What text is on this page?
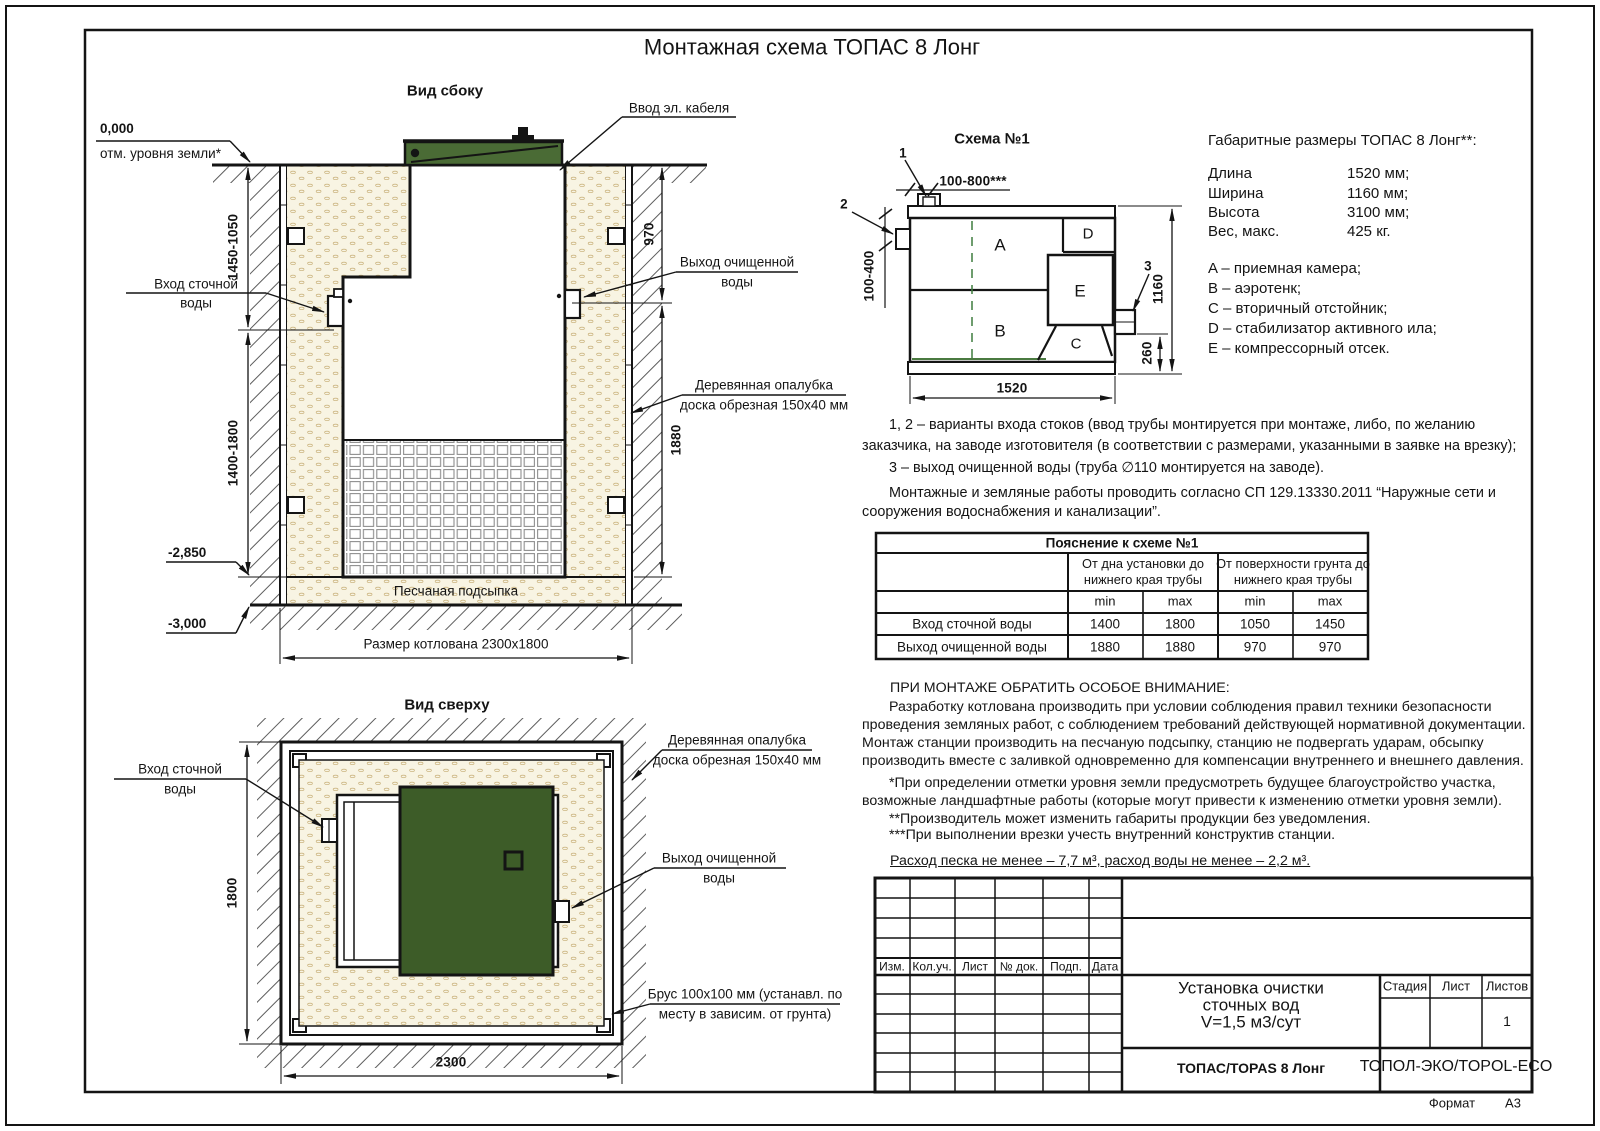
Монтажная схема ТОПАС 8 Лонг
Вид сбоку
Ввод эл. кабеля
0,000
отм. уровня земли*
Вход сточной
воды
Выход очищенной
воды
Деревянная опалубка
доска обрезная 150х40 мм
Песчаная подсыпка
Размер котлована 2300х1800
1450-1050
1400-1800
970
1880
-2,850
-3,000
Схема №1
1
2
3
100-800***
100-400	1160
260
1520
A
B
C
D
E
Габаритные размеры ТОПАС 8 Лонг**:
Длина	1520 мм;
Ширина	1160 мм;
Высота	3100 мм;
Вес, макс.	425 кг.
A – приемная камера;
B – аэротенк;
C – вторичный отстойник;
D – стабилизатор активного ила;
E – компрессорный отсек.
1, 2 – варианты входа стоков (ввод трубы монтируется при монтаже, либо, по желанию заказчика, на заводе изготовителя (в соответствии с размерами, указанными в заявке на врезку);
3 – выход очищенной воды (труба ∅110 монтируется на заводе).
Монтажные и земляные работы проводить согласно СП 129.13330.2011 “Наружные сети и сооружения водоснабжения и канализации”.
Пояснение к схеме №1
От дна установки до нижнего края трубы
От поверхности грунта до нижнего края трубы
min	max	min	max
Вход сточной воды	1400	1800	1050	1450
Выход очищенной воды	1880	1880	970	970
ПРИ МОНТАЖЕ ОБРАТИТЬ ОСОБОЕ ВНИМАНИЕ:
Разработку котлована производить при условии соблюдения правил техники безопасности проведения земляных работ, с соблюдением требований действующей нормативной документации. Монтаж станции производить на песчаную подсыпку, станцию не подвергать ударам, обсыпку производить вместе с заливкой одновременно для компенсации внутреннего и внешнего давления.
*При определении отметки уровня земли предусмотреть будущее благоустройство участка, возможные ландшафтные работы (которые могут привести к изменению отметки уровня земли).
**Производитель может изменить габариты продукции без уведомления.
***При выполнении врезки учесть внутренний конструктив станции.
Расход песка не менее – 7,7 м³, расход воды не менее – 2,2 м³.
Вид сверху
Вход сточной
воды
Деревянная опалубка
доска обрезная 150х40 мм
Выход очищенной
воды
Брус 100х100 мм (устанавл. по
месту в зависим. от грунта)
1800
2300
Изм. Кол.уч. Лист № док. Подп. Дата
Установка очистки
сточных вод
V=1,5 м3/сут
Стадия Лист Листов
1
ТОПАС/TOPAS 8 Лонг ТОПОЛ-ЭКО/TOPOL-ECO
Формат А3
